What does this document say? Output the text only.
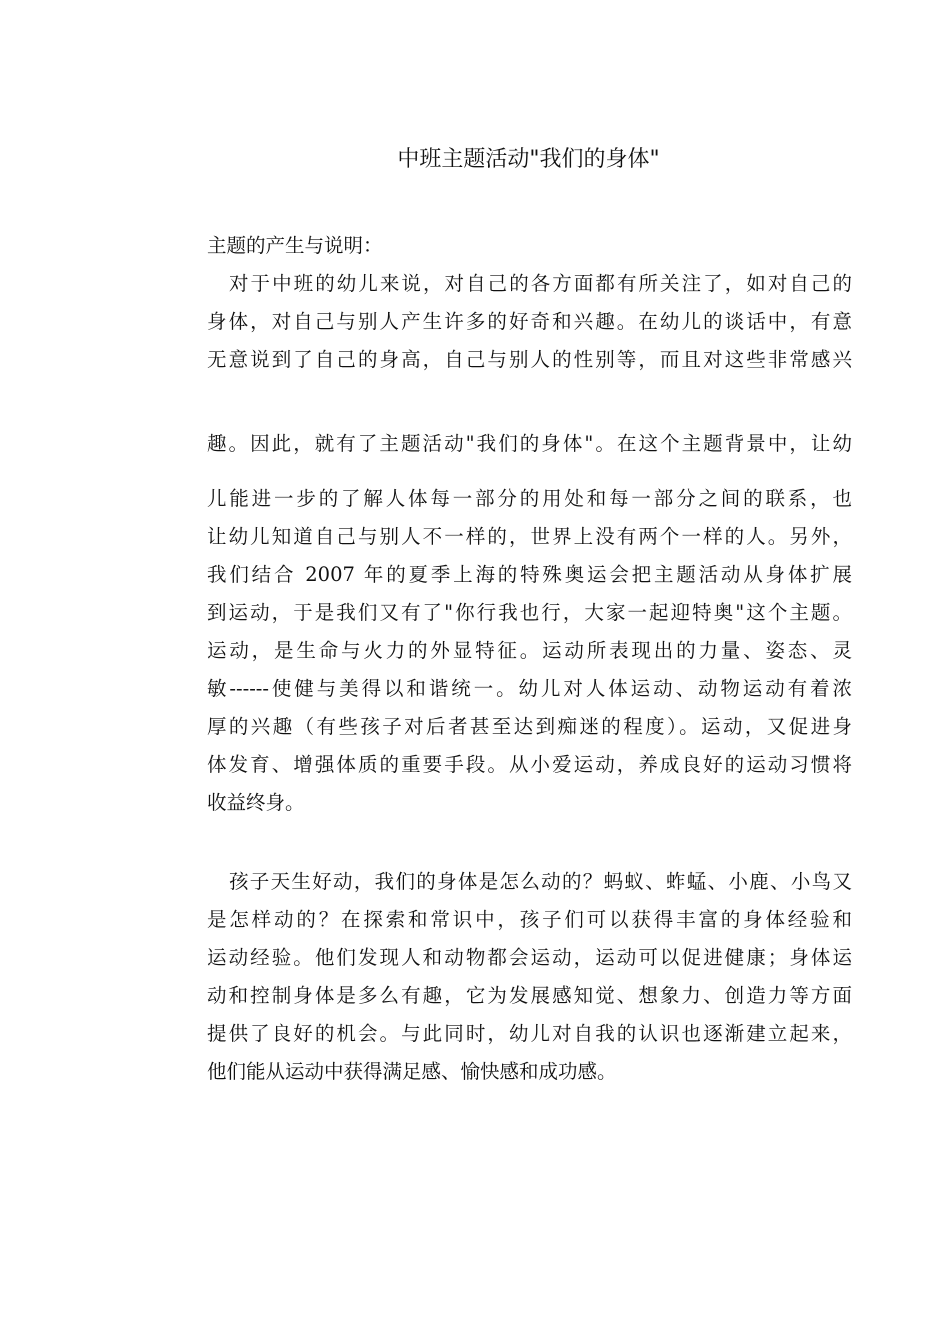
中班主题活动"我们的身体"
主题的产生与说明：
对于中班的幼儿来说，对自己的各方面都有所关注了，如对自己的
身体，对自己与别人产生许多的好奇和兴趣。在幼儿的谈话中，有意
无意说到了自己的身高，自己与别人的性别等，而且对这些非常感兴
趣。因此，就有了主题活动"我们的身体"。在这个主题背景中，让幼
儿能进一步的了解人体每一部分的用处和每一部分之间的联系，也
让幼儿知道自己与别人不一样的，世界上没有两个一样的人。另外，
我们结合 2007 年的夏季上海的特殊奥运会把主题活动从身体扩展
到运动，于是我们又有了"你行我也行，大家一起迎特奥"这个主题。
运动，是生命与火力的外显特征。运动所表现出的力量、姿态、灵
敏------使健与美得以和谐统一。幼儿对人体运动、动物运动有着浓
厚的兴趣（有些孩子对后者甚至达到痴迷的程度）。运动，又促进身
体发育、增强体质的重要手段。从小爱运动，养成良好的运动习惯将
收益终身。
孩子天生好动，我们的身体是怎么动的？蚂蚁、蚱蜢、小鹿、小鸟又
是怎样动的？在探索和常识中，孩子们可以获得丰富的身体经验和
运动经验。他们发现人和动物都会运动，运动可以促进健康；身体运
动和控制身体是多么有趣，它为发展感知觉、想象力、创造力等方面
提供了良好的机会。与此同时，幼儿对自我的认识也逐渐建立起来，
他们能从运动中获得满足感、愉快感和成功感。
